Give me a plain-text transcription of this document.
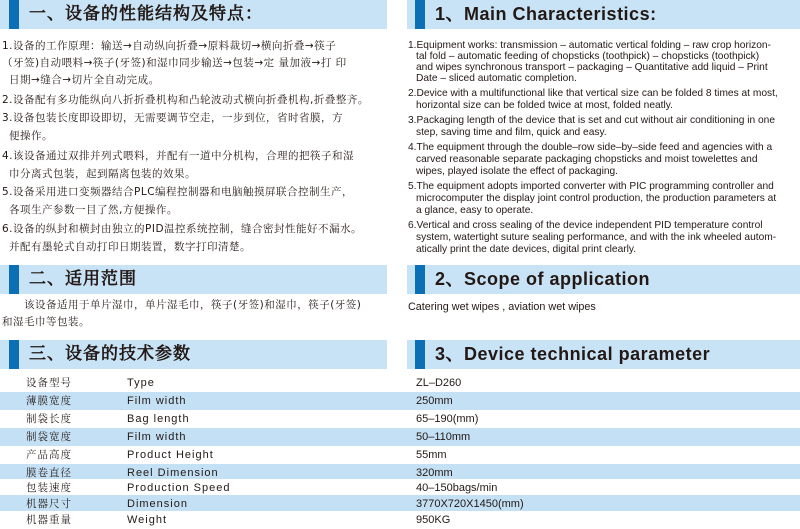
一、设备的性能结构及特点：	1、Main Characteristics:
1.设备的工作原理：输送→自动纵向折叠→原料裁切→横向折叠→筷子
（牙签)自动喂料→筷子(牙签)和湿巾同步输送→包装→定 量加液→打 印
日期→缝合→切片全自动完成。
2.设备配有多功能纵向八折折叠机构和凸轮波动式横向折叠机构,折叠整齐。
3.设备包装长度即设即切，无需要调节空走，一步到位，省时省膜，方
便操作。
4.该设备通过双排并列式喂料，并配有一道中分机构，合理的把筷子和湿
巾分离式包装，起到隔离包装的效果。
5.设备采用进口变频器结合PLC编程控制器和电脑触摸屏联合控制生产，
各项生产参数一目了然,方便操作。
6.设备的纵封和横封由独立的PID温控系统控制，缝合密封性能好不漏水。
并配有墨轮式自动打印日期装置，数字打印清楚。
1.Equipment works: transmission – automatic vertical folding – raw crop horizon-
tal fold – automatic feeding of chopsticks (toothpick) – chopsticks (toothpick)
and wipes synchronous transport – packaging – Quantitative add liquid – Print
Date – sliced automatic completion.
2.Device with a multifunctional like that vertical size can be folded 8 times at most,
horizontal size can be folded twice at most, folded neatly.
3.Packaging length of the device that is set and cut without air conditioning in one
step, saving time and film, quick and easy.
4.The equipment through the double–row side–by–side feed and agencies with a
carved reasonable separate packaging chopsticks and moist towelettes and
wipes, played isolate the effect of packaging.
5.The equipment adopts imported converter with PIC programming controller and
microcomputer the display joint control production, the production parameters at
a glance, easy to operate.
6.Vertical and cross sealing of the device independent PID temperature control
system, watertight suture sealing performance, and with the ink wheeled autom-
atically print the date devices, digital print clearly.
二、适用范围	2、Scope of application
该设备适用于单片湿巾，单片湿毛巾，筷子(牙签)和湿巾，筷子(牙签)
和湿毛巾等包装。
Catering wet wipes , aviation wet wipes
三、设备的技术参数	3、Device technical parameter
设备型号	Type	ZL–D260
薄膜宽度	Film width	250mm
制袋长度	Bag length	65–190(mm)
制袋宽度	Film width	50–110mm
产品高度	Product Height	55mm
膜卷直径	Reel Dimension	320mm
包装速度	Production Speed	40–150bags/min
机器尺寸	Dimension	3770X720X1450(mm)
机器重量	Weight	950KG
